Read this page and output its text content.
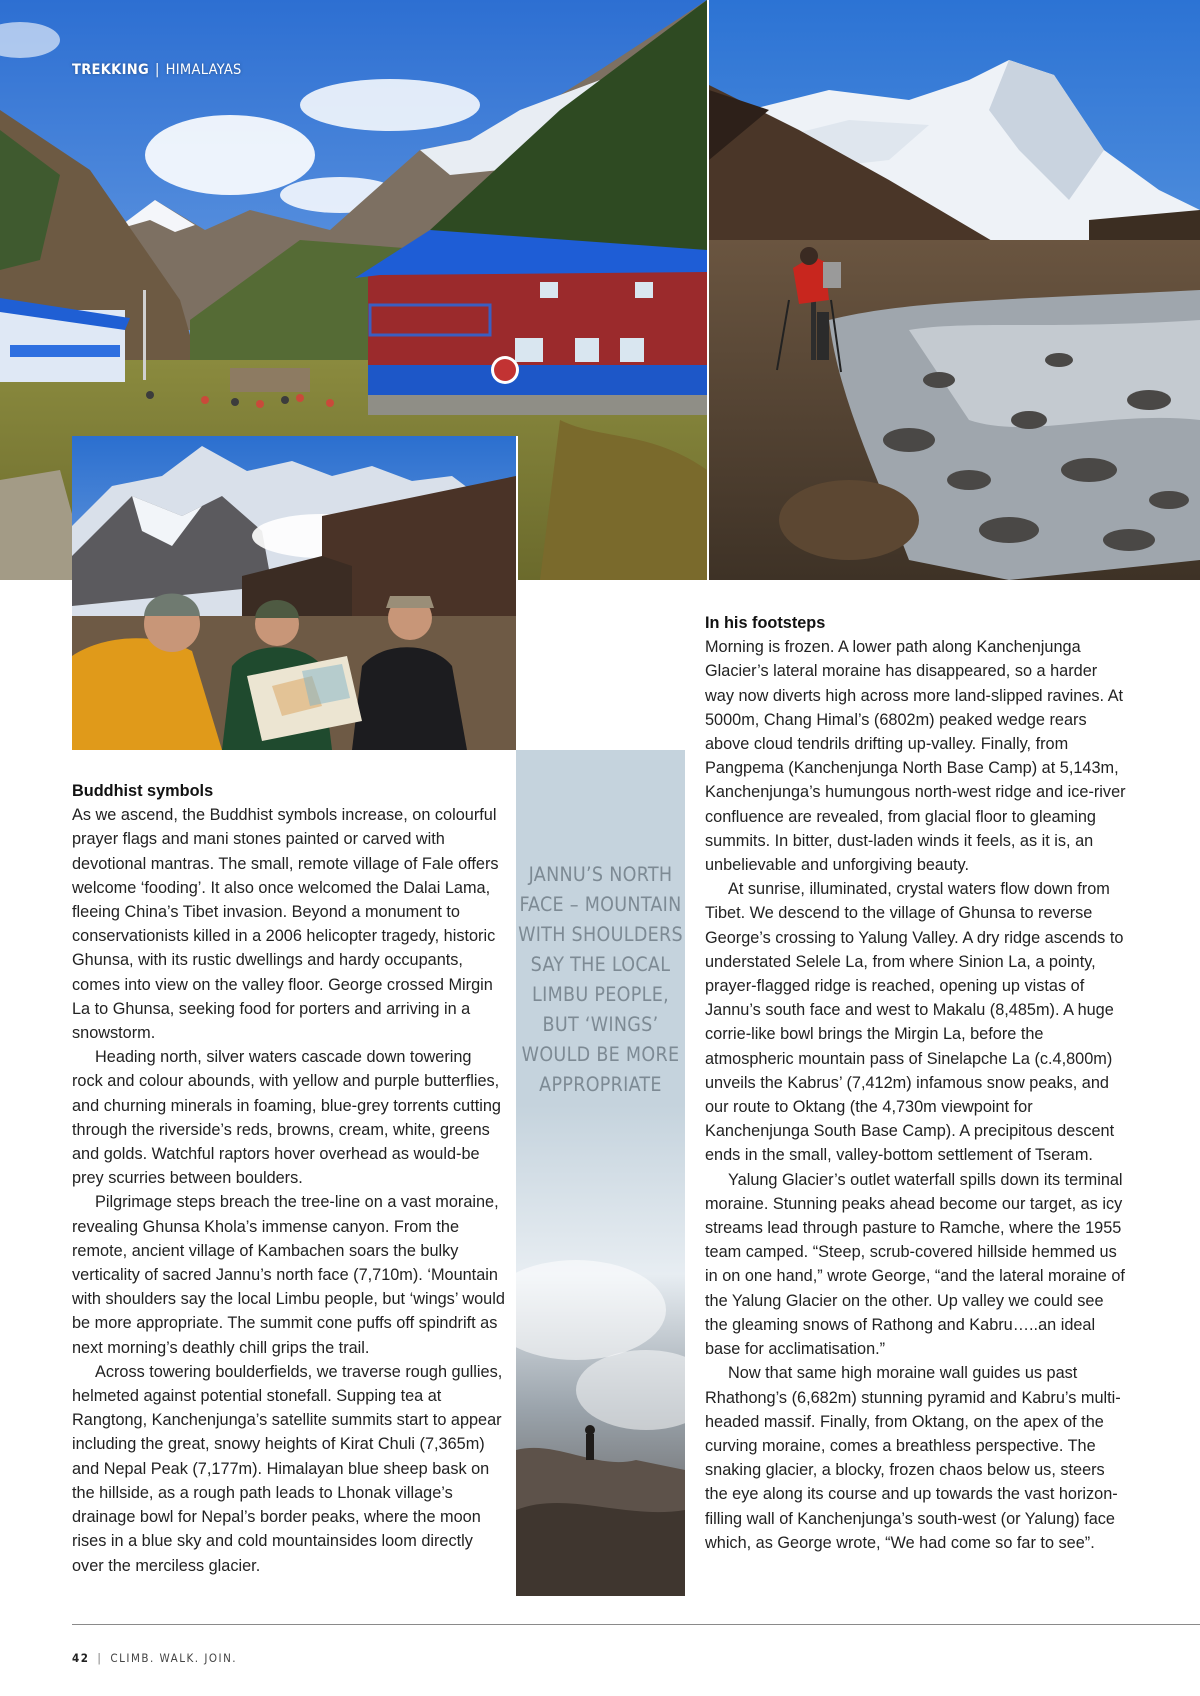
TREKKING | HIMALAYAS
Buddhist symbols

As we ascend, the Buddhist symbols increase, on colourful prayer flags and mani stones painted or carved with devotional mantras. The small, remote village of Fale offers welcome ‘fooding’. It also once welcomed the Dalai Lama, fleeing China’s Tibet invasion. Beyond a monument to conservationists killed in a 2006 helicopter tragedy, historic Ghunsa, with its rustic dwellings and hardy occupants, comes into view on the valley floor. George crossed Mirgin La to Ghunsa, seeking food for porters and arriving in a snowstorm.

Heading north, silver waters cascade down towering rock and colour abounds, with yellow and purple butterflies, and churning minerals in foaming, blue-grey torrents cutting through the riverside’s reds, browns, cream, white, greens and golds. Watchful raptors hover overhead as would-be prey scurries between boulders.

Pilgrimage steps breach the tree-line on a vast moraine, revealing Ghunsa Khola’s immense canyon. From the remote, ancient village of Kambachen soars the bulky verticality of sacred Jannu’s north face (7,710m). ‘Mountain with shoulders say the local Limbu people, but ‘wings’ would be more appropriate. The summit cone puffs off spindrift as next morning’s deathly chill grips the trail.

Across towering boulderfields, we traverse rough gullies, helmeted against potential stonefall. Supping tea at Rangtong, Kanchenjunga’s satellite summits start to appear including the great, snowy heights of Kirat Chuli (7,365m) and Nepal Peak (7,177m). Himalayan blue sheep bask on the hillside, as a rough path leads to Lhonak village’s drainage bowl for Nepal’s border peaks, where the moon rises in a blue sky and cold mountainsides loom directly over the merciless glacier.

JANNU’S NORTH FACE – MOUNTAIN WITH SHOULDERS SAY THE LOCAL LIMBU PEOPLE, BUT ‘WINGS’ WOULD BE MORE APPROPRIATE
In his footsteps

Morning is frozen. A lower path along Kanchenjunga Glacier’s lateral moraine has disappeared, so a harder way now diverts high across more land-slipped ravines. At 5000m, Chang Himal’s (6802m) peaked wedge rears above cloud tendrils drifting up-valley. Finally, from Pangpema (Kanchenjunga North Base Camp) at 5,143m, Kanchenjunga’s humungous north-west ridge and ice-river confluence are revealed, from glacial floor to gleaming summits. In bitter, dust-laden winds it feels, as it is, an unbelievable and unforgiving beauty.

At sunrise, illuminated, crystal waters flow down from Tibet. We descend to the village of Ghunsa to reverse George’s crossing to Yalung Valley. A dry ridge ascends to understated Selele La, from where Sinion La, a pointy, prayer-flagged ridge is reached, opening up vistas of Jannu’s south face and west to Makalu (8,485m). A huge corrie-like bowl brings the Mirgin La, before the atmospheric mountain pass of Sinelapche La (c.4,800m) unveils the Kabrus’ (7,412m) infamous snow peaks, and our route to Oktang (the 4,730m viewpoint for Kanchenjunga South Base Camp). A precipitous descent ends in the small, valley-bottom settlement of Tseram.

Yalung Glacier’s outlet waterfall spills down its terminal moraine. Stunning peaks ahead become our target, as icy streams lead through pasture to Ramche, where the 1955 team camped. “Steep, scrub-covered hillside hemmed us in on one hand,” wrote George, “and the lateral moraine of the Yalung Glacier on the other. Up valley we could see the gleaming snows of Rathong and Kabru…..an ideal base for acclimatisation.”

Now that same high moraine wall guides us past Rhathong’s (6,682m) stunning pyramid and Kabru’s multi-headed massif. Finally, from Oktang, on the apex of the curving moraine, comes a breathless perspective. The snaking glacier, a blocky, frozen chaos below us, steers the eye along its course and up towards the vast horizon-filling wall of Kanchenjunga’s south-west (or Yalung) face which, as George wrote, “We had come so far to see”.

42 | CLIMB. WALK. JOIN.
